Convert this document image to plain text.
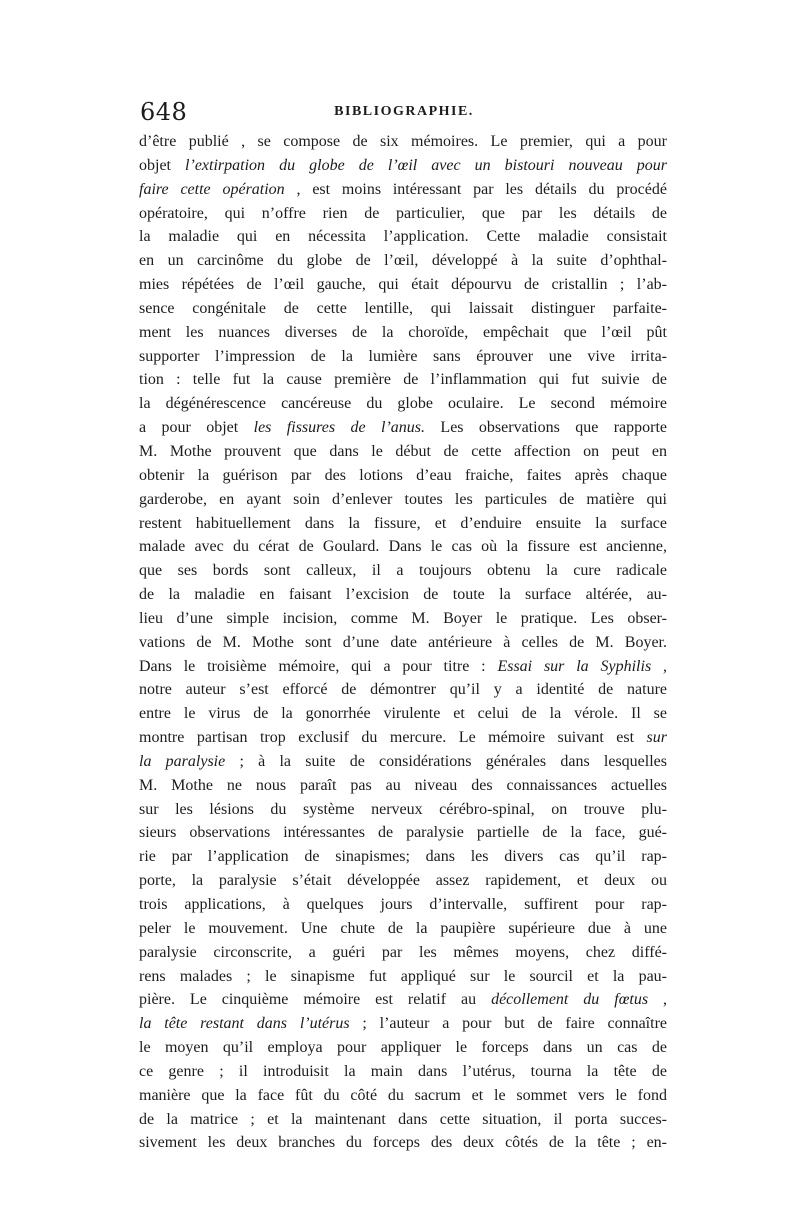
648	BIBLIOGRAPHIE.
d’être publié , se compose de six mémoires. Le premier, qui a pour
objet l’extirpation du globe de l’œil avec un bistouri nouveau pour
faire cette opération , est moins intéressant par les détails du procédé
opératoire, qui n’offre rien de particulier, que par les détails de
la maladie qui en nécessita l’application. Cette maladie consistait
en un carcinôme du globe de l’œil, développé à la suite d’ophthal-
mies répétées de l’œil gauche, qui était dépourvu de cristallin ; l’ab-
sence congénitale de cette lentille, qui laissait distinguer parfaite-
ment les nuances diverses de la choroïde, empêchait que l’œil pût
supporter l’impression de la lumière sans éprouver une vive irrita-
tion : telle fut la cause première de l’inflammation qui fut suivie de
la dégénérescence cancéreuse du globe oculaire. Le second mémoire
a pour objet les fissures de l’anus. Les observations que rapporte
M. Mothe prouvent que dans le début de cette affection on peut en
obtenir la guérison par des lotions d’eau fraiche, faites après chaque
garderobe, en ayant soin d’enlever toutes les particules de matière qui
restent habituellement dans la fissure, et d’enduire ensuite la surface
malade avec du cérat de Goulard. Dans le cas où la fissure est ancienne,
que ses bords sont calleux, il a toujours obtenu la cure radicale
de la maladie en faisant l’excision de toute la surface altérée, au-
lieu d’une simple incision, comme M. Boyer le pratique. Les obser-
vations de M. Mothe sont d’une date antérieure à celles de M. Boyer.
Dans le troisième mémoire, qui a pour titre : Essai sur la Syphilis ,
notre auteur s’est efforcé de démontrer qu’il y a identité de nature
entre le virus de la gonorrhée virulente et celui de la vérole. Il se
montre partisan trop exclusif du mercure. Le mémoire suivant est sur
la paralysie ; à la suite de considérations générales dans lesquelles
M. Mothe ne nous paraît pas au niveau des connaissances actuelles
sur les lésions du système nerveux cérébro-spinal, on trouve plu-
sieurs observations intéressantes de paralysie partielle de la face, gué-
rie par l’application de sinapismes; dans les divers cas qu’il rap-
porte, la paralysie s’était développée assez rapidement, et deux ou
trois applications, à quelques jours d’intervalle, suffirent pour rap-
peler le mouvement. Une chute de la paupière supérieure due à une
paralysie circonscrite, a guéri par les mêmes moyens, chez diffé-
rens malades ; le sinapisme fut appliqué sur le sourcil et la pau-
pière. Le cinquième mémoire est relatif au décollement du fœtus ,
la tête restant dans l’utérus ; l’auteur a pour but de faire connaître
le moyen qu’il employa pour appliquer le forceps dans un cas de
ce genre ; il introduisit la main dans l’utérus, tourna la tête de
manière que la face fût du côté du sacrum et le sommet vers le fond
de la matrice ; et la maintenant dans cette situation, il porta succes-
sivement les deux branches du forceps des deux côtés de la tête ; en-
